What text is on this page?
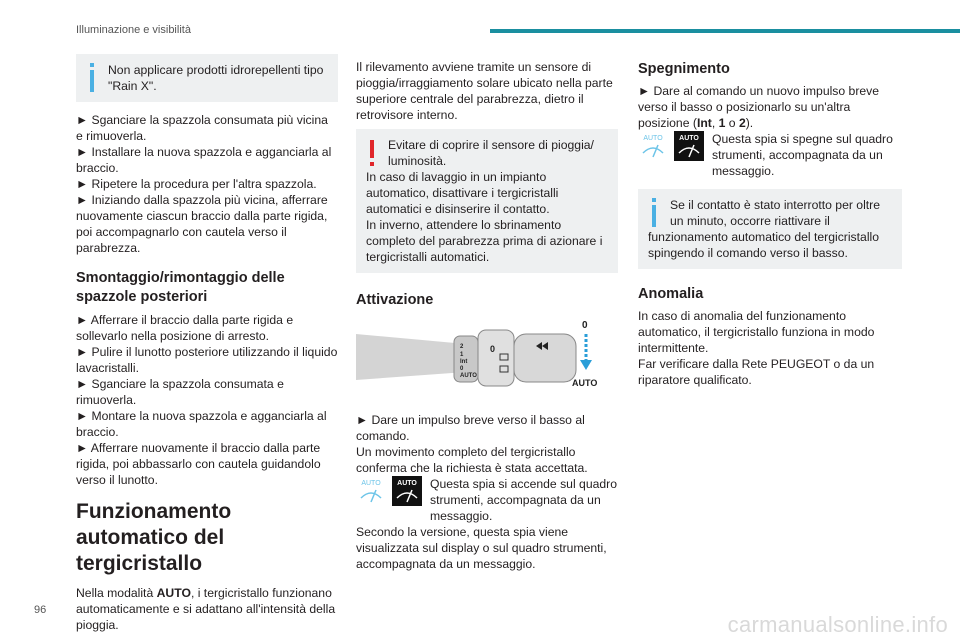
Illuminazione e visibilità

Non applicare prodotti idrorepellenti tipo "Rain X".

► Sganciare la spazzola consumata più vicina e rimuoverla.

► Installare la nuova spazzola e agganciarla al braccio.

► Ripetere la procedura per l'altra spazzola.

► Iniziando dalla spazzola più vicina, afferrare nuovamente ciascun braccio dalla parte rigida, poi accompagnarlo con cautela verso il parabrezza.

Smontaggio/rimontaggio delle spazzole posteriori

► Afferrare il braccio dalla parte rigida e sollevarlo nella posizione di arresto.

► Pulire il lunotto posteriore utilizzando il liquido lavacristalli.

► Sganciare la spazzola consumata e rimuoverla.

► Montare la nuova spazzola e agganciarla al braccio.

► Afferrare nuovamente il braccio dalla parte rigida, poi abbassarlo con cautela guidandolo verso il lunotto.

Funzionamento automatico del tergicristallo

Nella modalità AUTO, i tergicristallo funzionano automaticamente e si adattano all'intensità della pioggia.

Il rilevamento avviene tramite un sensore di pioggia/irraggiamento solare ubicato nella parte superiore centrale del parabrezza, dietro il retrovisore interno.

Evitare di coprire il sensore di pioggia/ luminosità.

In caso di lavaggio in un impianto automatico, disattivare i tergicristalli automatici e disinserire il contatto.

In inverno, attendere lo sbrinamento completo del parabrezza prima di azionare i tergicristalli automatici.

Attivazione

2
1
Int
0
AUTO
0
0
AUTO

► Dare un impulso breve verso il basso al comando.

Un movimento completo del tergicristallo conferma che la richiesta è stata accettata.

AUTO AUTO	Questa spia si accende sul quadro strumenti, accompagnata da un messaggio.

Secondo la versione, questa spia viene visualizzata sul display o sul quadro strumenti, accompagnata da un messaggio.

Spegnimento

► Dare al comando un nuovo impulso breve verso il basso o posizionarlo su un'altra posizione (Int, 1 o 2).

AUTO AUTO	Questa spia si spegne sul quadro strumenti, accompagnata da un messaggio.

Se il contatto è stato interrotto per oltre un minuto, occorre riattivare il

funzionamento automatico del tergicristallo spingendo il comando verso il basso.

Anomalia

In caso di anomalia del funzionamento automatico, il tergicristallo funziona in modo intermittente.

Far verificare dalla Rete PEUGEOT o da un riparatore qualificato.

96
carmanualsonline.info
